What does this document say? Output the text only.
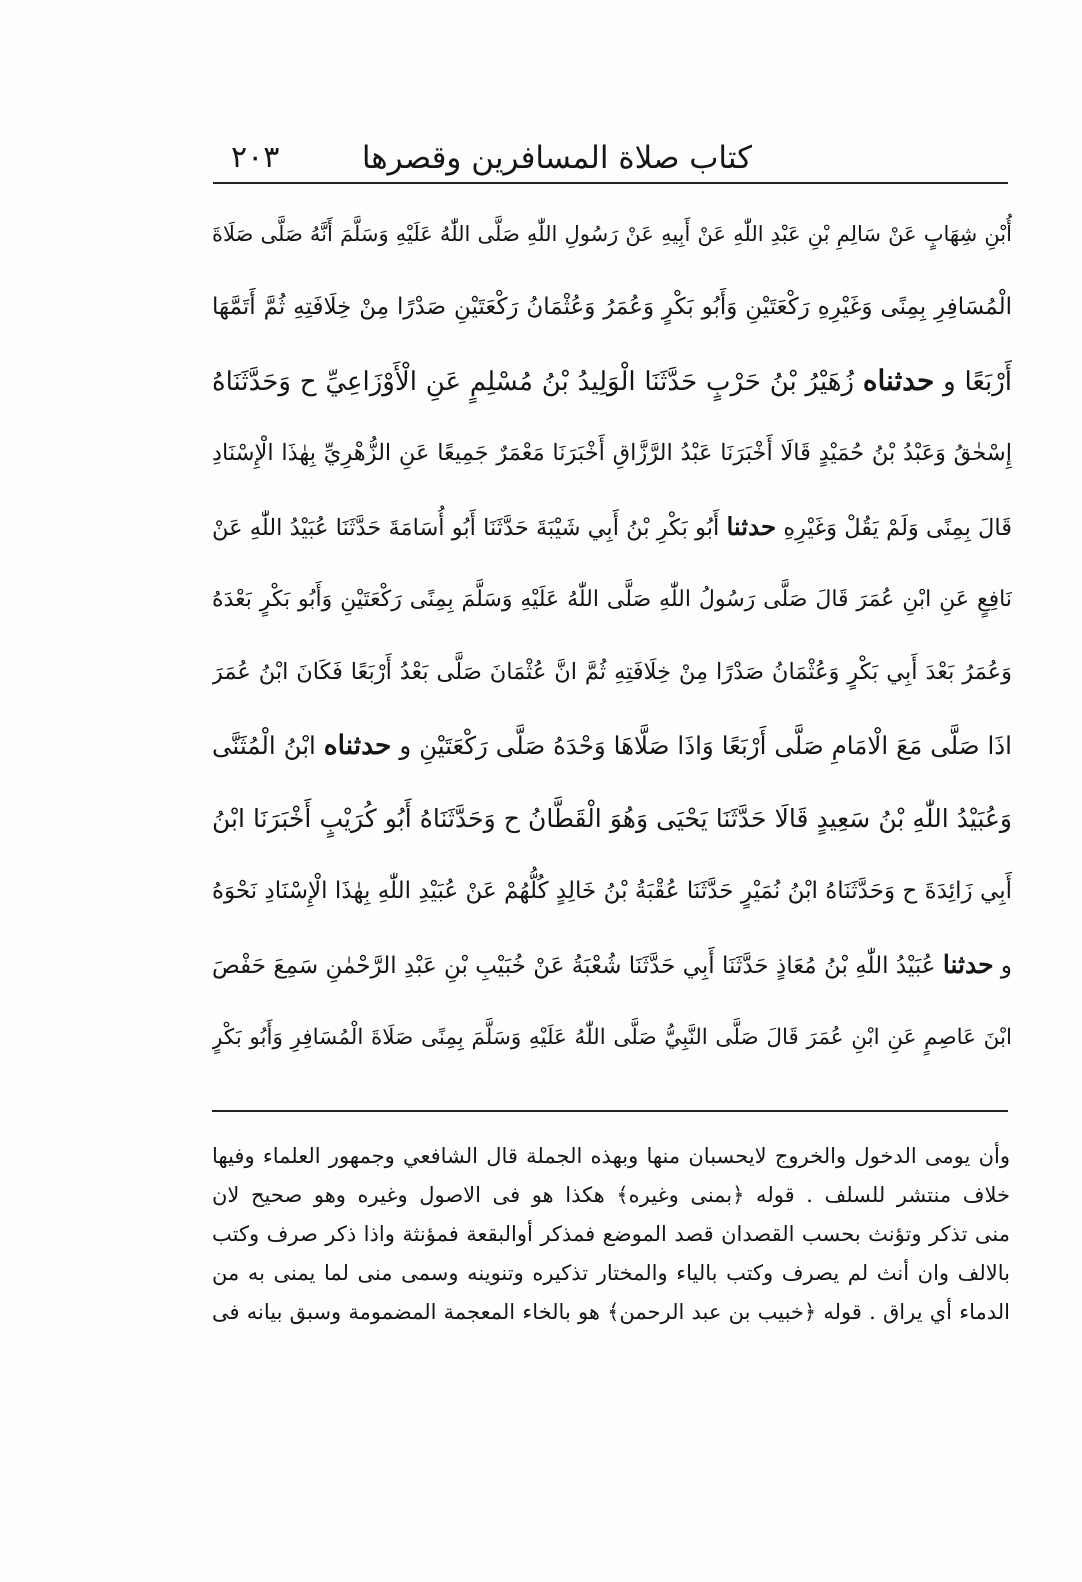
كتاب صلاة المسافرين وقصرها
٢٠٣
أُبْنِ شِهَابٍ عَنْ سَالِمِ بْنِ عَبْدِ اللّٰهِ عَنْ أَبِيهِ عَنْ رَسُولِ اللّٰهِ صَلَّى اللّٰهُ عَلَيْهِ وَسَلَّمَ أَنَّهُ صَلَّى صَلَاةَ
الْمُسَافِرِ بِمِنًى وَغَيْرِهِ رَكْعَتَيْنِ وَأَبُو بَكْرٍ وَعُمَرُ وَعُثْمَانُ رَكْعَتَيْنِ صَدْرًا مِنْ خِلَافَتِهِ ثُمَّ أَتَمَّهَا
أَرْبَعًا و حدثناه زُهَيْرُ بْنُ حَرْبٍ حَدَّثَنَا الْوَلِيدُ بْنُ مُسْلِمٍ عَنِ الْأَوْزَاعِيِّ ح وَحَدَّثَنَاهُ
إِسْحٰقُ وَعَبْدُ بْنُ حُمَيْدٍ قَالَا أَخْبَرَنَا عَبْدُ الرَّزَّاقِ أَخْبَرَنَا مَعْمَرٌ جَمِيعًا عَنِ الزُّهْرِيِّ بِهٰذَا الْإِسْنَادِ
قَالَ بِمِنًى وَلَمْ يَقُلْ وَغَيْرِهِ حدثنا أَبُو بَكْرِ بْنُ أَبِي شَيْبَةَ حَدَّثَنَا أَبُو أُسَامَةَ حَدَّثَنَا عُبَيْدُ اللّٰهِ عَنْ
نَافِعٍ عَنِ ابْنِ عُمَرَ قَالَ صَلَّى رَسُولُ اللّٰهِ صَلَّى اللّٰهُ عَلَيْهِ وَسَلَّمَ بِمِنًى رَكْعَتَيْنِ وَأَبُو بَكْرٍ بَعْدَهُ
وَعُمَرُ بَعْدَ أَبِي بَكْرٍ وَعُثْمَانُ صَدْرًا مِنْ خِلَافَتِهِ ثُمَّ انَّ عُثْمَانَ صَلَّى بَعْدُ أَرْبَعًا فَكَانَ ابْنُ عُمَرَ
اذَا صَلَّى مَعَ الْامَامِ صَلَّى أَرْبَعًا وَاذَا صَلَّاهَا وَحْدَهُ صَلَّى رَكْعَتَيْنِ و حدثناه ابْنُ الْمُثَنَّى
وَعُبَيْدُ اللّٰهِ بْنُ سَعِيدٍ قَالَا حَدَّثَنَا يَحْيَى وَهُوَ الْقَطَّانُ ح وَحَدَّثَنَاهُ أَبُو كُرَيْبٍ أَخْبَرَنَا ابْنُ
أَبِي زَائِدَةَ ح وَحَدَّثَنَاهُ ابْنُ نُمَيْرٍ حَدَّثَنَا عُقْبَةُ بْنُ خَالِدٍ كُلُّهُمْ عَنْ عُبَيْدِ اللّٰهِ بِهٰذَا الْإِسْنَادِ نَحْوَهُ
و حدثنا عُبَيْدُ اللّٰهِ بْنُ مُعَاذٍ حَدَّثَنَا أَبِي حَدَّثَنَا شُعْبَةُ عَنْ خُبَيْبِ بْنِ عَبْدِ الرَّحْمٰنِ سَمِعَ حَفْصَ
ابْنَ عَاصِمٍ عَنِ ابْنِ عُمَرَ قَالَ صَلَّى النَّبِيُّ صَلَّى اللّٰهُ عَلَيْهِ وَسَلَّمَ بِمِنًى صَلَاةَ الْمُسَافِرِ وَأَبُو بَكْرٍ
وأن يومى الدخول والخروج لايحسبان منها وبهذه الجملة قال الشافعي وجمهور العلماء وفيها
خلاف منتشر للسلف . قوله ﴿بمنى وغيره﴾ هكذا هو فى الاصول وغيره وهو صحيح لان
منى تذكر وتؤنث بحسب القصدان قصد الموضع فمذكر أوالبقعة فمؤنثة واذا ذكر صرف وكتب
بالالف وان أنث لم يصرف وكتب بالياء والمختار تذكيره وتنوينه وسمى منى لما يمنى به من
الدماء أي يراق . قوله ﴿خبيب بن عبد الرحمن﴾ هو بالخاء المعجمة المضمومة وسبق بيانه فى
